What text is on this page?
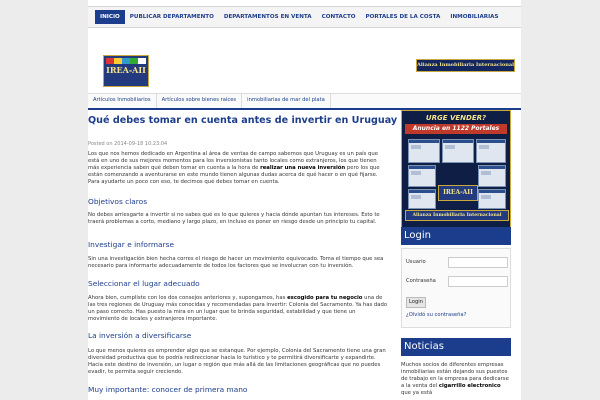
INICIO	PUBLICAR DEPARTAMENTO	DEPARTAMENTOS EN VENTA	CONTACTO	PORTALES DE LA COSTA	INMOBILIARIAS
IREA-AII	Alianza Inmobiliaria Internacional
Artículos Inmobiliarios	Artículos sobre bienes raíces	inmobiliarias de mar del plata
Qué debes tomar en cuenta antes de invertir en Uruguay
Posted on 2014-09-18 10:23:04
Los que nos hemos dedicado en Argentina al área de ventas de campo sabemos que Uruguay es un país que está en uno de sus mejores momentos para los inversionistas tanto locales como extranjeros, los que tienen más experiencia saben qué deben tomar en cuenta a la hora de realizar una nueva inversión pero los que están comenzando a aventurarse en este mundo tienen algunas dudas acerca de qué hacer o en qué fijarse. Para ayudarte un poco con eso, te decimos qué debes tomar en cuenta.
Objetivos claros
No debes arriesgarte a invertir si no sabes qué es lo que quieres y hacia dónde apuntan tus intereses. Esto te traerá problemas a corto, mediano y largo plazo, en incluso es poner en riesgo desde un principio tu capital.
Investigar e informarse
Sin una investigación bien hecha corres el riesgo de hacer un movimiento equivocado. Toma el tiempo que sea necesario para informarte adecuadamente de todos los factores que se involucran con tu inversión.
Seleccionar el lugar adecuado
Ahora bien, cumpliste con los dos consejos anteriores y, supongamos, has escogido para tu negocio una de las tres regiones de Uruguay más conocidas y recomendadas para invertir: Colonia del Sacramento. Ya has dado un paso correcto. Has puesto la mira en un lugar que te brinda seguridad, estabilidad y que tiene un movimiento de locales y extranjeros importante.
La inversión a diversificarse
Lo que menos quieres es emprender algo que se estanque. Por ejemplo, Colonia del Sacramento tiene una gran diversidad productiva que te podría redireccionar hacia lo turístico y te permitirá diversificarte y expandirte. Hacia este destino de inversión, un lugar o región que más allá de las limitaciones geográficas que no puedes evadir, te permita seguir creciendo.
Muy importante: conocer de primera mano
URGE VENDER?
Anuncia en 1122 Portales
IREA-AII
Alianza Inmobiliaria Internacional
Login
Usuario
Contraseña
Login
¿Olvidó su contraseña?
Noticias
Muchos socios de diferentes empresas inmobiliarias están dejando sus puestos de trabajo en la empresa para dedicarse a la venta del cigarrillo electronico que ya está
